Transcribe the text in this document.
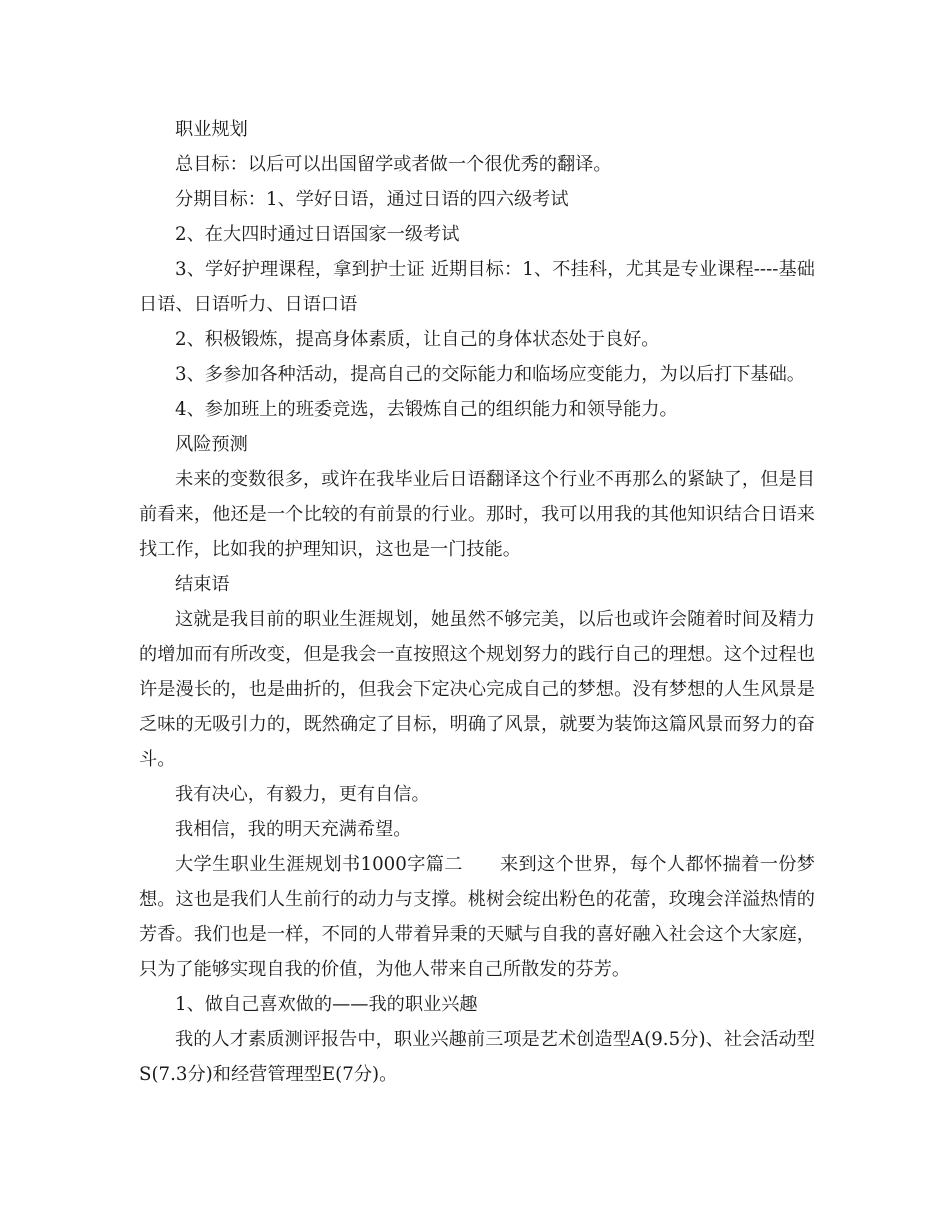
职业规划

总目标：以后可以出国留学或者做一个很优秀的翻译。

分期目标：1、学好日语，通过日语的四六级考试

2、在大四时通过日语国家一级考试

3、学好护理课程，拿到护士证 近期目标：1、不挂科，尤其是专业课程----基础日语、日语听力、日语口语

2、积极锻炼，提高身体素质，让自己的身体状态处于良好。

3、多参加各种活动，提高自己的交际能力和临场应变能力，为以后打下基础。

4、参加班上的班委竞选，去锻炼自己的组织能力和领导能力。

风险预测

未来的变数很多，或许在我毕业后日语翻译这个行业不再那么的紧缺了，但是目前看来，他还是一个比较的有前景的行业。那时，我可以用我的其他知识结合日语来找工作，比如我的护理知识，这也是一门技能。

结束语

这就是我目前的职业生涯规划，她虽然不够完美，以后也或许会随着时间及精力的增加而有所改变，但是我会一直按照这个规划努力的践行自己的理想。这个过程也许是漫长的，也是曲折的，但我会下定决心完成自己的梦想。没有梦想的人生风景是乏味的无吸引力的，既然确定了目标，明确了风景，就要为装饰这篇风景而努力的奋斗。

我有决心，有毅力，更有自信。

我相信，我的明天充满希望。

大学生职业生涯规划书1000字篇二　　来到这个世界，每个人都怀揣着一份梦想。这也是我们人生前行的动力与支撑。桃树会绽出粉色的花蕾，玫瑰会洋溢热情的芳香。我们也是一样，不同的人带着异秉的天赋与自我的喜好融入社会这个大家庭，只为了能够实现自我的价值，为他人带来自己所散发的芬芳。

1、做自己喜欢做的——我的职业兴趣

我的人才素质测评报告中，职业兴趣前三项是艺术创造型A(9.5分)、社会活动型S(7.3分)和经营管理型E(7分)。
